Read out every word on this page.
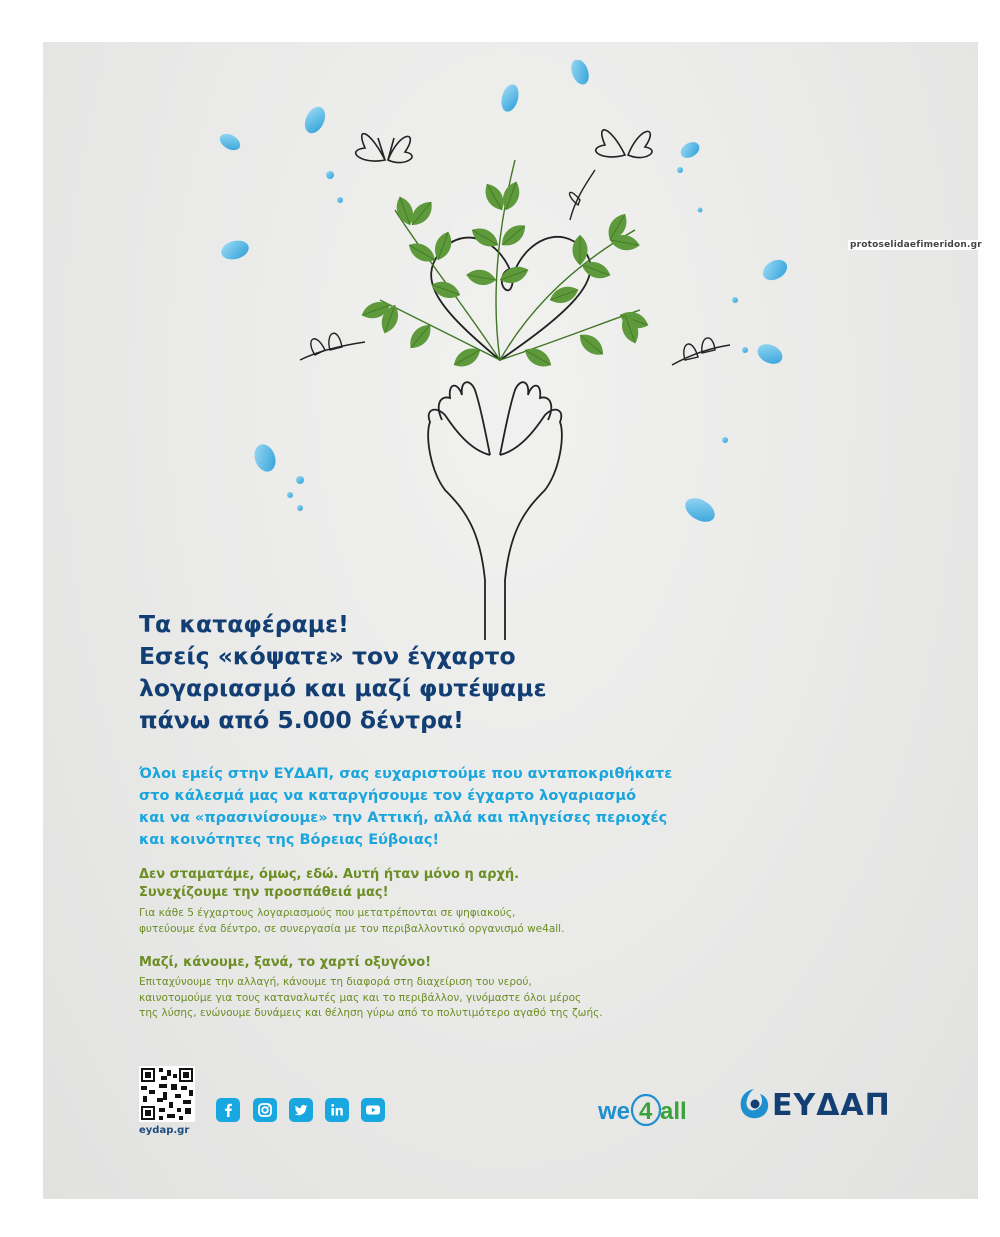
protoselidaefimeridon.gr
Τα καταφέραμε!
Εσείς «κόψατε» τον έγχαρτο
λογαριασμό και μαζί φυτέψαμε
πάνω από 5.000 δέντρα!
Όλοι εμείς στην ΕΥΔΑΠ, σας ευχαριστούμε που ανταποκριθήκατε
στο κάλεσμά μας να καταργήσουμε τον έγχαρτο λογαριασμό
και να «πρασινίσουμε» την Αττική, αλλά και πληγείσες περιοχές
και κοινότητες της Βόρειας Εύβοιας!
Δεν σταματάμε, όμως, εδώ. Αυτή ήταν μόνο η αρχή.
Συνεχίζουμε την προσπάθειά μας!
Για κάθε 5 έγχαρτους λογαριασμούς που μετατρέπονται σε ψηφιακούς,
φυτεύουμε ένα δέντρο, σε συνεργασία με τον περιβαλλοντικό οργανισμό we4all.
Μαζί, κάνουμε, ξανά, το χαρτί οξυγόνο!
Επιταχύνουμε την αλλαγή, κάνουμε τη διαφορά στη διαχείριση του νερού,
καινοτομούμε για τους καταναλωτές μας και το περιβάλλον, γινόμαστε όλοι μέρος
της λύσης, ενώνουμε δυνάμεις και θέληση γύρω από το πολυτιμότερο αγαθό της ζωής.
eydap.gr
we 4 all	ΕΥΔΑΠ
